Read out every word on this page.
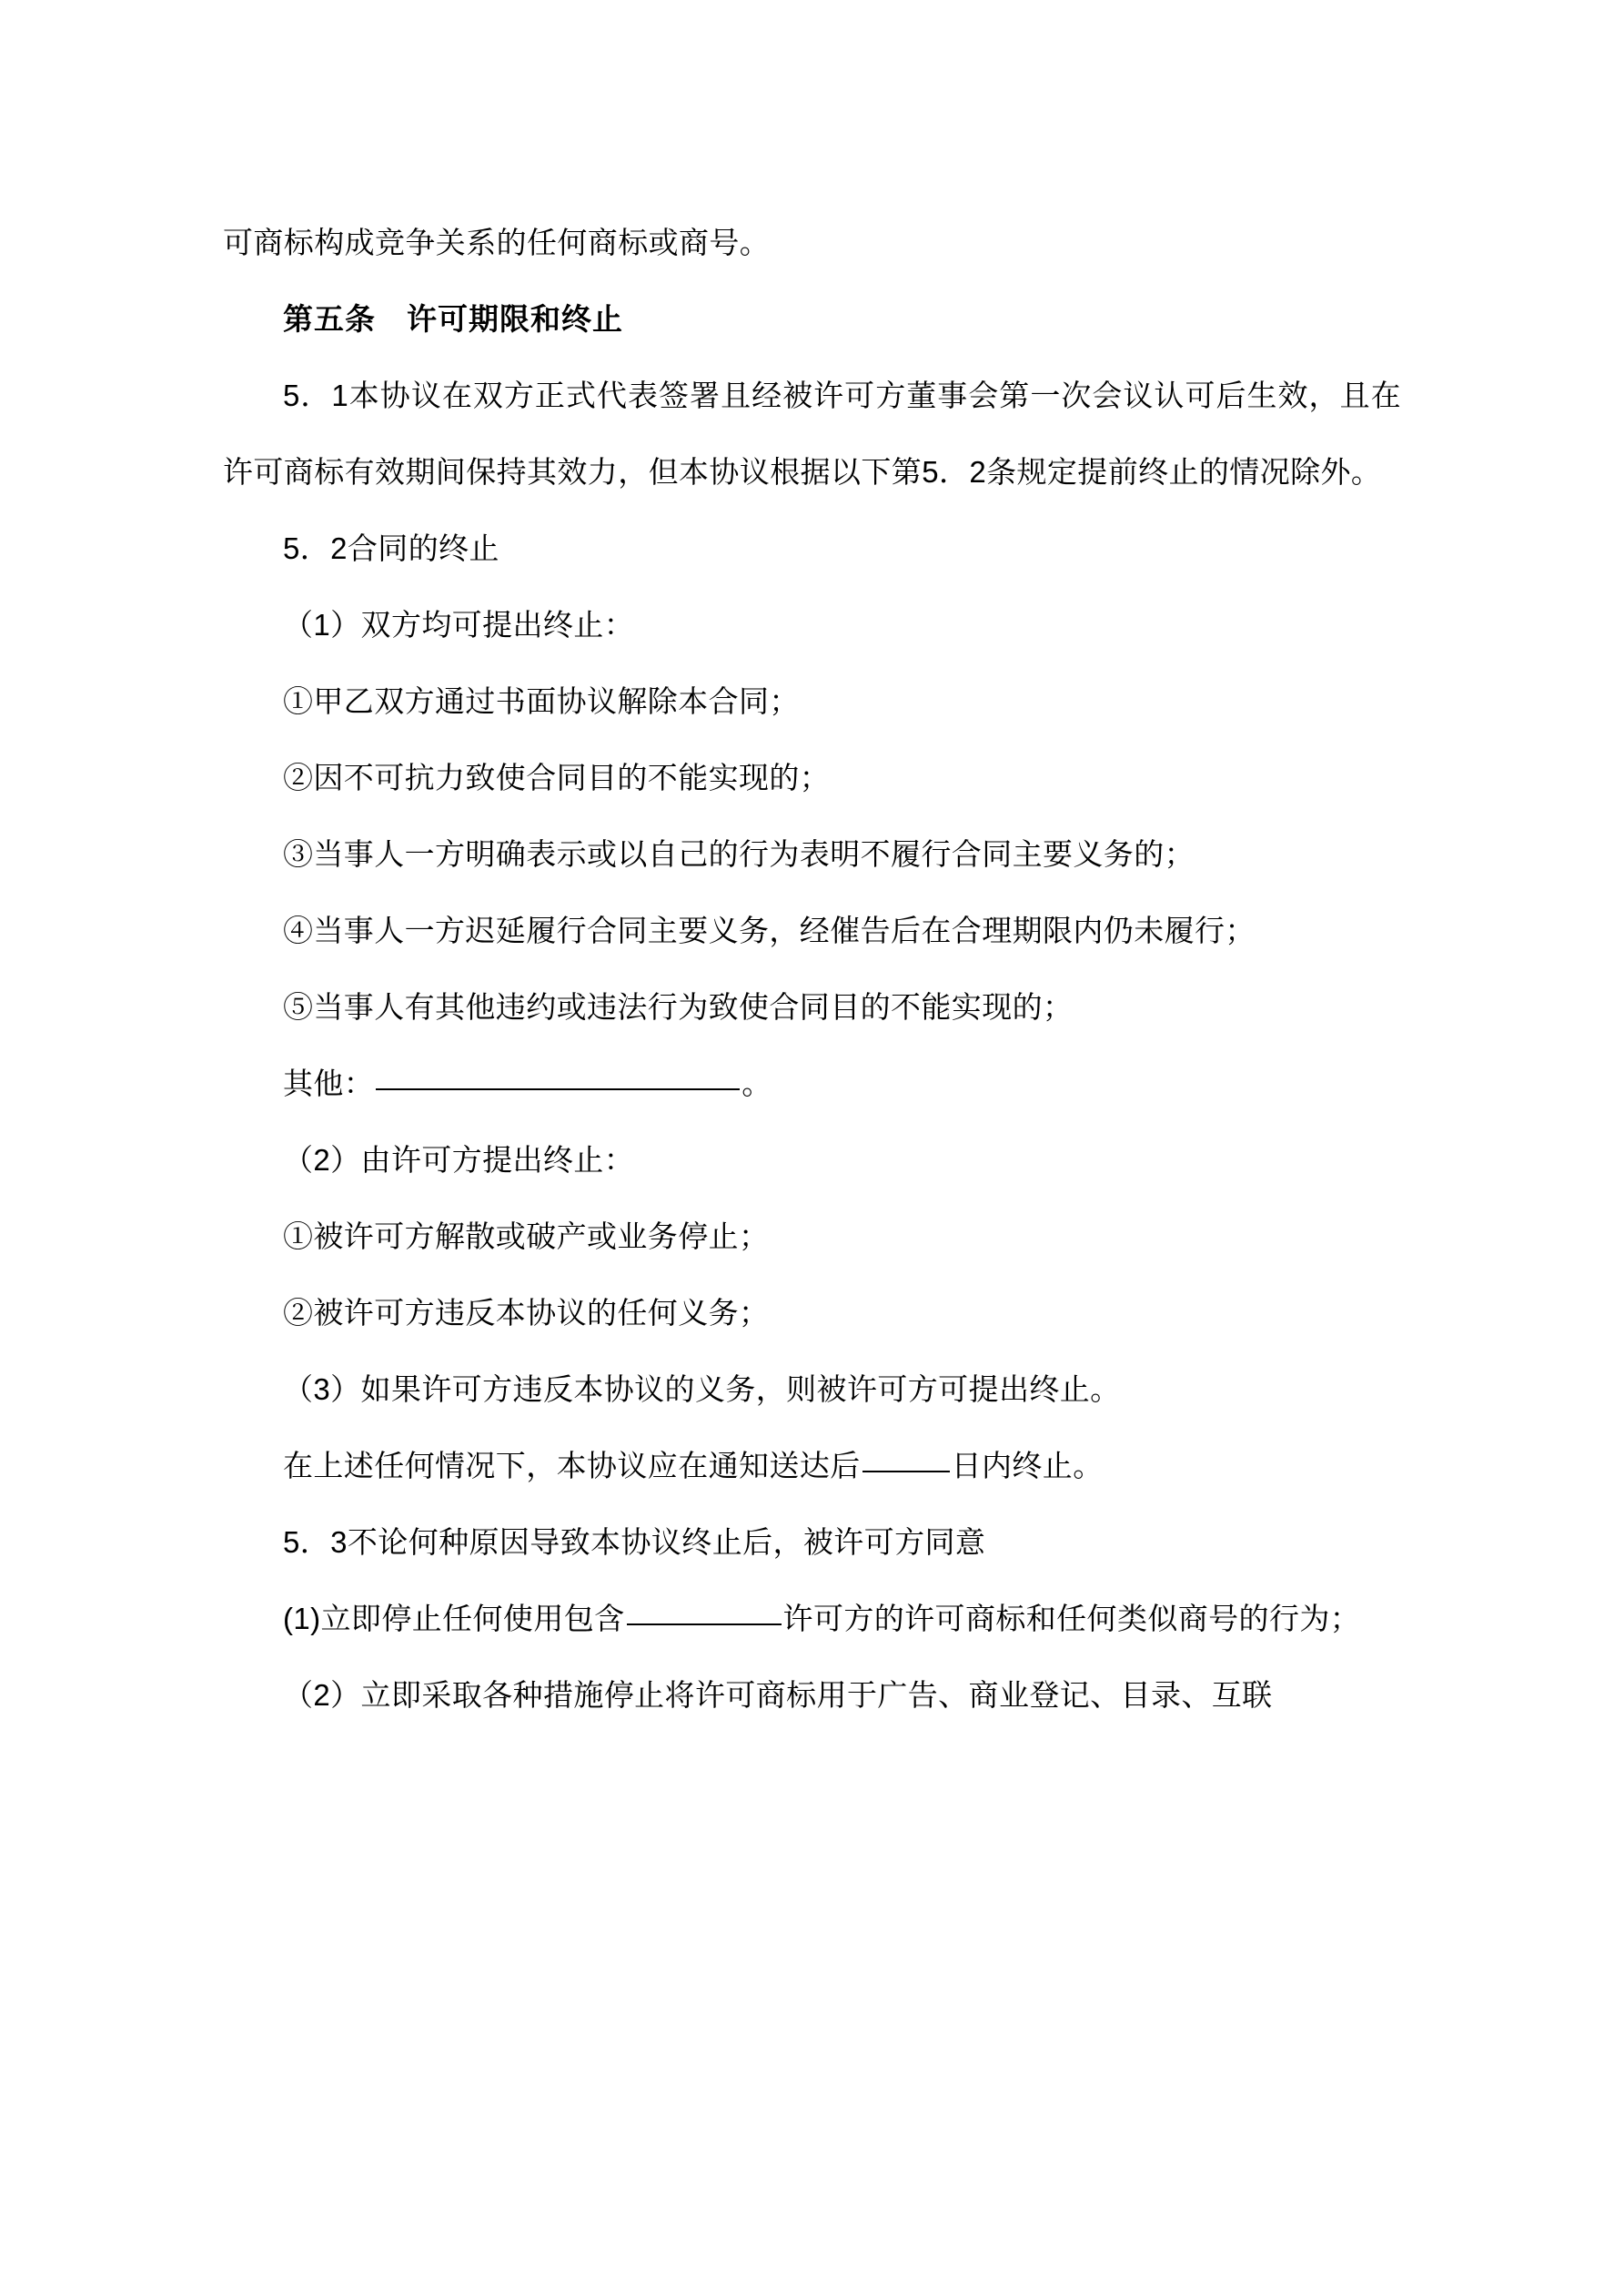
可商标构成竞争关系的任何商标或商号。

第五条 许可期限和终止

5．1本协议在双方正式代表签署且经被许可方董事会第一次会议认可后生效，且在许可商标有效期间保持其效力，但本协议根据以下第5．2条规定提前终止的情况除外。

5．2合同的终止

（1）双方均可提出终止：

①甲乙双方通过书面协议解除本合同；

②因不可抗力致使合同目的不能实现的；

③当事人一方明确表示或以自己的行为表明不履行合同主要义务的；

④当事人一方迟延履行合同主要义务，经催告后在合理期限内仍未履行；

⑤当事人有其他违约或违法行为致使合同目的不能实现的；

其他：	。

（2）由许可方提出终止：

①被许可方解散或破产或业务停止；

②被许可方违反本协议的任何义务；

（3）如果许可方违反本协议的义务，则被许可方可提出终止。

在上述任何情况下，本协议应在通知送达后	日内终止。

5．3不论何种原因导致本协议终止后，被许可方同意

(1)立即停止任何使用包含	许可方的许可商标和任何类似商号的行为；

（2）立即采取各种措施停止将许可商标用于广告、商业登记、目录、互联
